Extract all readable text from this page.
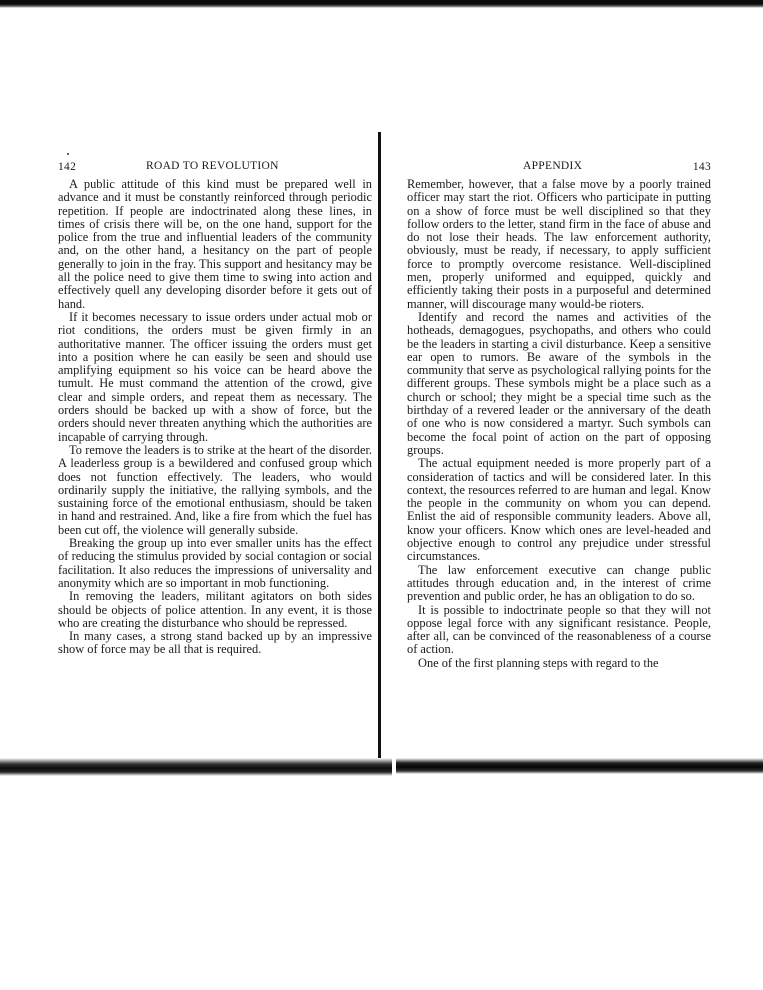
142	ROAD TO REVOLUTION

A public attitude of this kind must be prepared well in advance and it must be constantly reinforced through periodic repetition. If people are indoctrinated along these lines, in times of crisis there will be, on the one hand, support for the police from the true and influential leaders of the community and, on the other hand, a hesitancy on the part of people generally to join in the fray. This support and hesitancy may be all the police need to give them time to swing into action and effectively quell any developing disorder before it gets out of hand.

If it becomes necessary to issue orders under actual mob or riot conditions, the orders must be given firmly in an authoritative manner. The officer issuing the orders must get into a position where he can easily be seen and should use amplifying equipment so his voice can be heard above the tumult. He must command the attention of the crowd, give clear and simple orders, and repeat them as necessary. The orders should be backed up with a show of force, but the orders should never threaten anything which the authorities are incapable of carrying through.

To remove the leaders is to strike at the heart of the disorder. A leaderless group is a bewildered and confused group which does not function effectively. The leaders, who would ordinarily supply the initiative, the rallying symbols, and the sustaining force of the emotional enthusiasm, should be taken in hand and restrained. And, like a fire from which the fuel has been cut off, the violence will generally subside.

Breaking the group up into ever smaller units has the effect of reducing the stimulus provided by social contagion or social facilitation. It also reduces the impressions of universality and anonymity which are so important in mob functioning.

In removing the leaders, militant agitators on both sides should be objects of police attention. In any event, it is those who are creating the disturbance who should be repressed.

In many cases, a strong stand backed up by an impressive show of force may be all that is required.

APPENDIX	143

Remember, however, that a false move by a poorly trained officer may start the riot. Officers who participate in putting on a show of force must be well disciplined so that they follow orders to the letter, stand firm in the face of abuse and do not lose their heads. The law enforcement authority, obviously, must be ready, if necessary, to apply sufficient force to promptly overcome resistance. Well-disciplined men, properly uniformed and equipped, quickly and efficiently taking their posts in a purposeful and determined manner, will discourage many would-be rioters.

Identify and record the names and activities of the hotheads, demagogues, psychopaths, and others who could be the leaders in starting a civil disturbance. Keep a sensitive ear open to rumors. Be aware of the symbols in the community that serve as psychological rallying points for the different groups. These symbols might be a place such as a church or school; they might be a special time such as the birthday of a revered leader or the anniversary of the death of one who is now considered a martyr. Such symbols can become the focal point of action on the part of opposing groups.

The actual equipment needed is more properly part of a consideration of tactics and will be considered later. In this context, the resources referred to are human and legal. Know the people in the community on whom you can depend. Enlist the aid of responsible community leaders. Above all, know your officers. Know which ones are level-headed and objective enough to control any prejudice under stressful circumstances.

The law enforcement executive can change public attitudes through education and, in the interest of crime prevention and public order, he has an obligation to do so.

It is possible to indoctrinate people so that they will not oppose legal force with any significant resistance. People, after all, can be convinced of the reasonableness of a course of action.

One of the first planning steps with regard to the
